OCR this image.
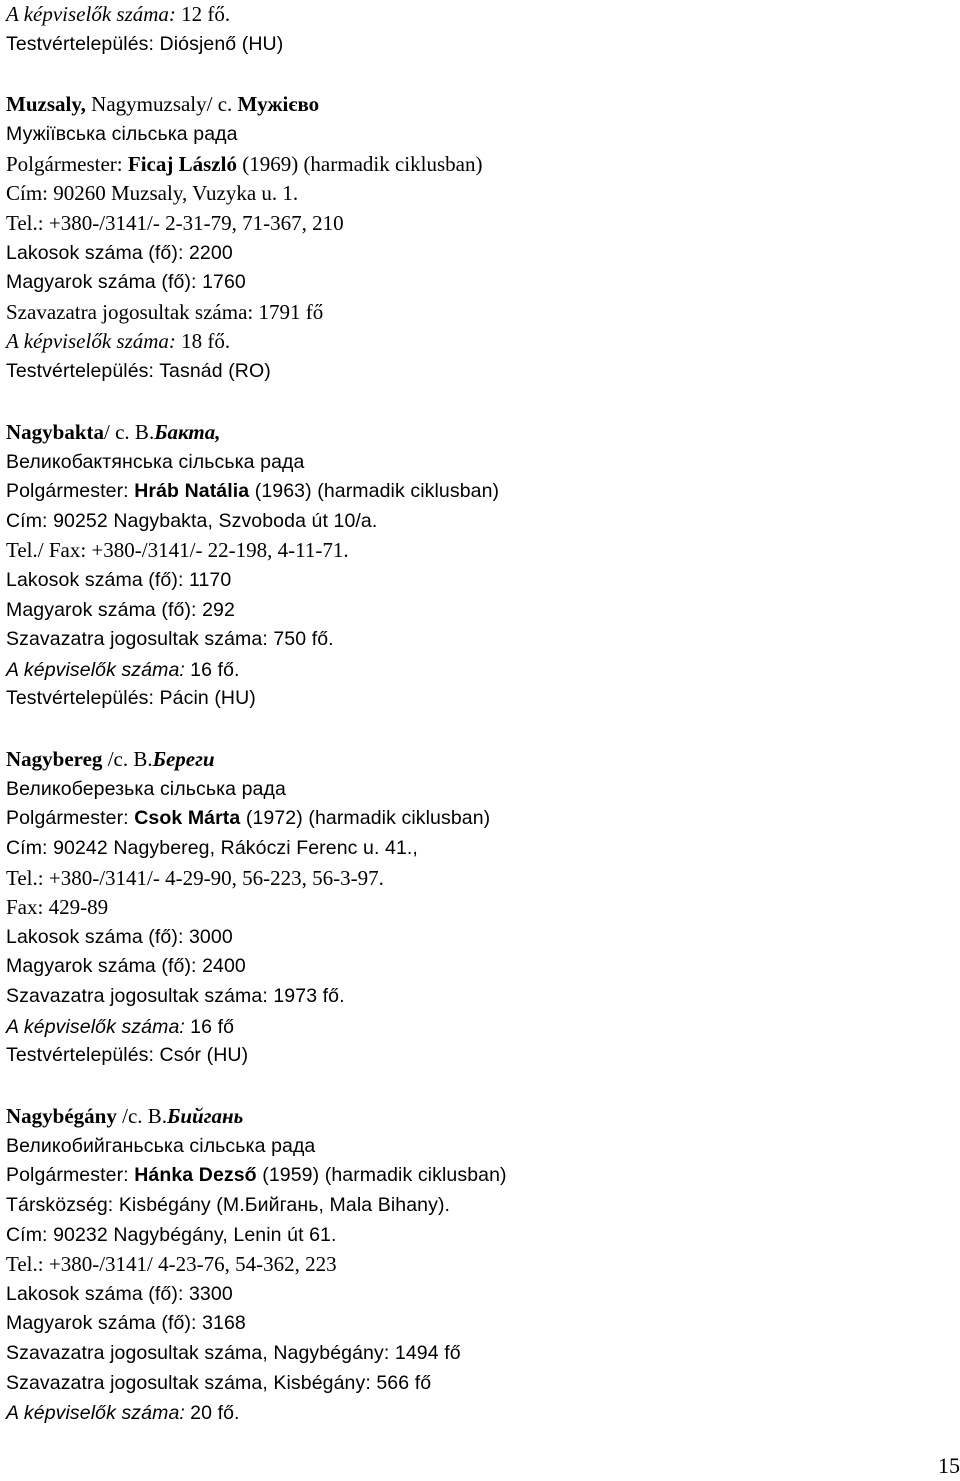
A képviselők száma: 12 fő.
Testvértelepülés: Diósjenő (HU)
Muzsaly, Nagymuzsaly/ с. Мужієво
Мужіївська сільська рада
Polgármester: Ficaj László (1969) (harmadik ciklusban)
Cím: 90260 Muzsaly, Vuzyka u. 1.
Tel.: +380-/3141/- 2-31-79, 71-367, 210
Lakosok száma (fő): 2200
Magyarok száma (fő): 1760
Szavazatra jogosultak száma: 1791 fő
A képviselők száma: 18 fő.
Testvértelepülés: Tasnád (RO)
Nagybakta/ с. В.Бакта,
Великобактянська сільська рада
Polgármester: Hráb Natália (1963) (harmadik ciklusban)
Cím: 90252 Nagybakta, Szvoboda út 10/a.
Tel./ Fax: +380-/3141/- 22-198, 4-11-71.
Lakosok száma (fő): 1170
Magyarok száma (fő): 292
Szavazatra jogosultak száma: 750 fő.
A képviselők száma: 16 fő.
Testvértelepülés: Pácin (HU)
Nagybereg /с. В.Береги
Великоберезька сільська рада
Polgármester: Csok Márta (1972) (harmadik ciklusban)
Cím: 90242 Nagybereg, Rákóczi Ferenc u. 41.,
Tel.: +380-/3141/- 4-29-90, 56-223, 56-3-97.
Fax: 429-89
Lakosok száma (fő): 3000
Magyarok száma (fő): 2400
Szavazatra jogosultak száma: 1973 fő.
A képviselők száma: 16 fő
Testvértelepülés: Csór (HU)
Nagybégány /с. В.Бийгань
Великобийганьська сільська рада
Polgármester: Hánka Dezső (1959) (harmadik ciklusban)
Társközség: Kisbégány (М.Бийгань, Mala Bihany).
Cím: 90232 Nagybégány, Lenin út 61.
Tel.: +380-/3141/ 4-23-76, 54-362, 223
Lakosok száma (fő): 3300
Magyarok száma (fő): 3168
Szavazatra jogosultak száma, Nagybégány: 1494 fő
Szavazatra jogosultak száma, Kisbégány: 566 fő
A képviselők száma: 20 fő.
15
